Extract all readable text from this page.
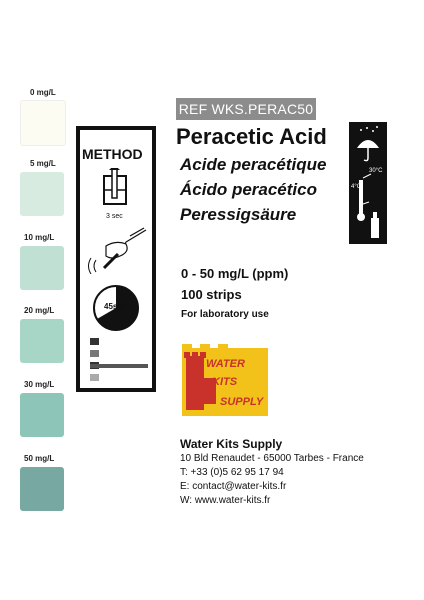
0 mg/L
5 mg/L
10 mg/L
20 mg/L
30 mg/L
50 mg/L
REF WKS.PERAC50
METHOD
3 sec
45sec
Peracetic Acid
Acide peracétique
Ácido peracético
Peressigsäure
0 - 50 mg/L (ppm)
100 strips
For laboratory use
30°C
4°C
WATER
KITS
SUPPLY
Water Kits Supply
10 Bld Renaudet - 65000 Tarbes - France
T: +33 (0)5 62 95 17 94
E: contact@water-kits.fr
W: www.water-kits.fr
